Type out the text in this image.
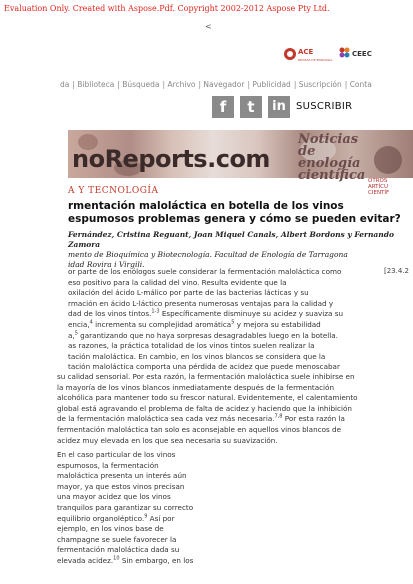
Evaluation Only. Created with Aspose.Pdf. Copyright 2002-2012 Aspose Pty Ltd.
<
ACE
REVISTA DE ENOLOGÍA
CEEC
da | Biblioteca | Búsqueda | Archivo | Navegador | Publicidad | Suscripción | Conta
f	t	in	SUSCRIBIR
noReports.com
Noticias de enología científica OTROS
ARTÍCU
CIENTÍF
A Y TECNOLOGÍA
rmentación maloláctica en botella de los vinos espumosos problemas genera y cómo se pueden evitar?
Fernández, Cristina Reguant, Joan Miquel Canals, Albert Bordons y Fernando Zamora
mento de Bioquímica y Biotecnología. Facultad de Enología de Tarragona
idad Rovira i Virgili.
[23.4.2
or parte de los enólogos suele considerar la fermentación maloláctica como
eso positivo para la calidad del vino. Resulta evidente que la
oxilación del ácido L-málico por parte de las bacterias lácticas y su
rmación en ácido L-láctico presenta numerosas ventajas para la calidad y
dad de los vinos tintos.$^{1-3}$ Específicamente disminuye su acidez y suaviza su
encia,$^4$ incrementa su complejidad aromática$^5$ y mejora su estabilidad
a,$^5$ garantizando que no haya sorpresas desagradables luego en la botella.
as razones, la práctica totalidad de los vinos tintos suelen realizar la
tación maloláctica. En cambio, en los vinos blancos se considera que la
tación maloláctica comporta una pérdida de acidez que puede menoscabar
su calidad sensorial. Por esta razón, la fermentación maloláctica suele inhibirse en
la mayoría de los vinos blancos inmediatamente después de la fermentación
alcohólica para mantener todo su frescor natural. Evidentemente, el calentamiento
global está agravando el problema de falta de acidez y haciendo que la inhibición
de la fermentación maloláctica sea cada vez más necesaria.$^{7,8}$ Por esta razón la
fermentación maloláctica tan solo es aconsejable en aquellos vinos blancos de
acidez muy elevada en los que sea necesaria su suavización.
En el caso particular de los vinos
espumosos, la fermentación
maloláctica presenta un interés aún
mayor, ya que estos vinos precisan
una mayor acidez que los vinos
tranquilos para garantizar su correcto
equilibrio organoléptico.$^9$ Así por
ejemplo, en los vinos base de
champagne se suele favorecer la
fermentación maloláctica dada su
elevada acidez.$^{10}$ Sin embargo, en los
